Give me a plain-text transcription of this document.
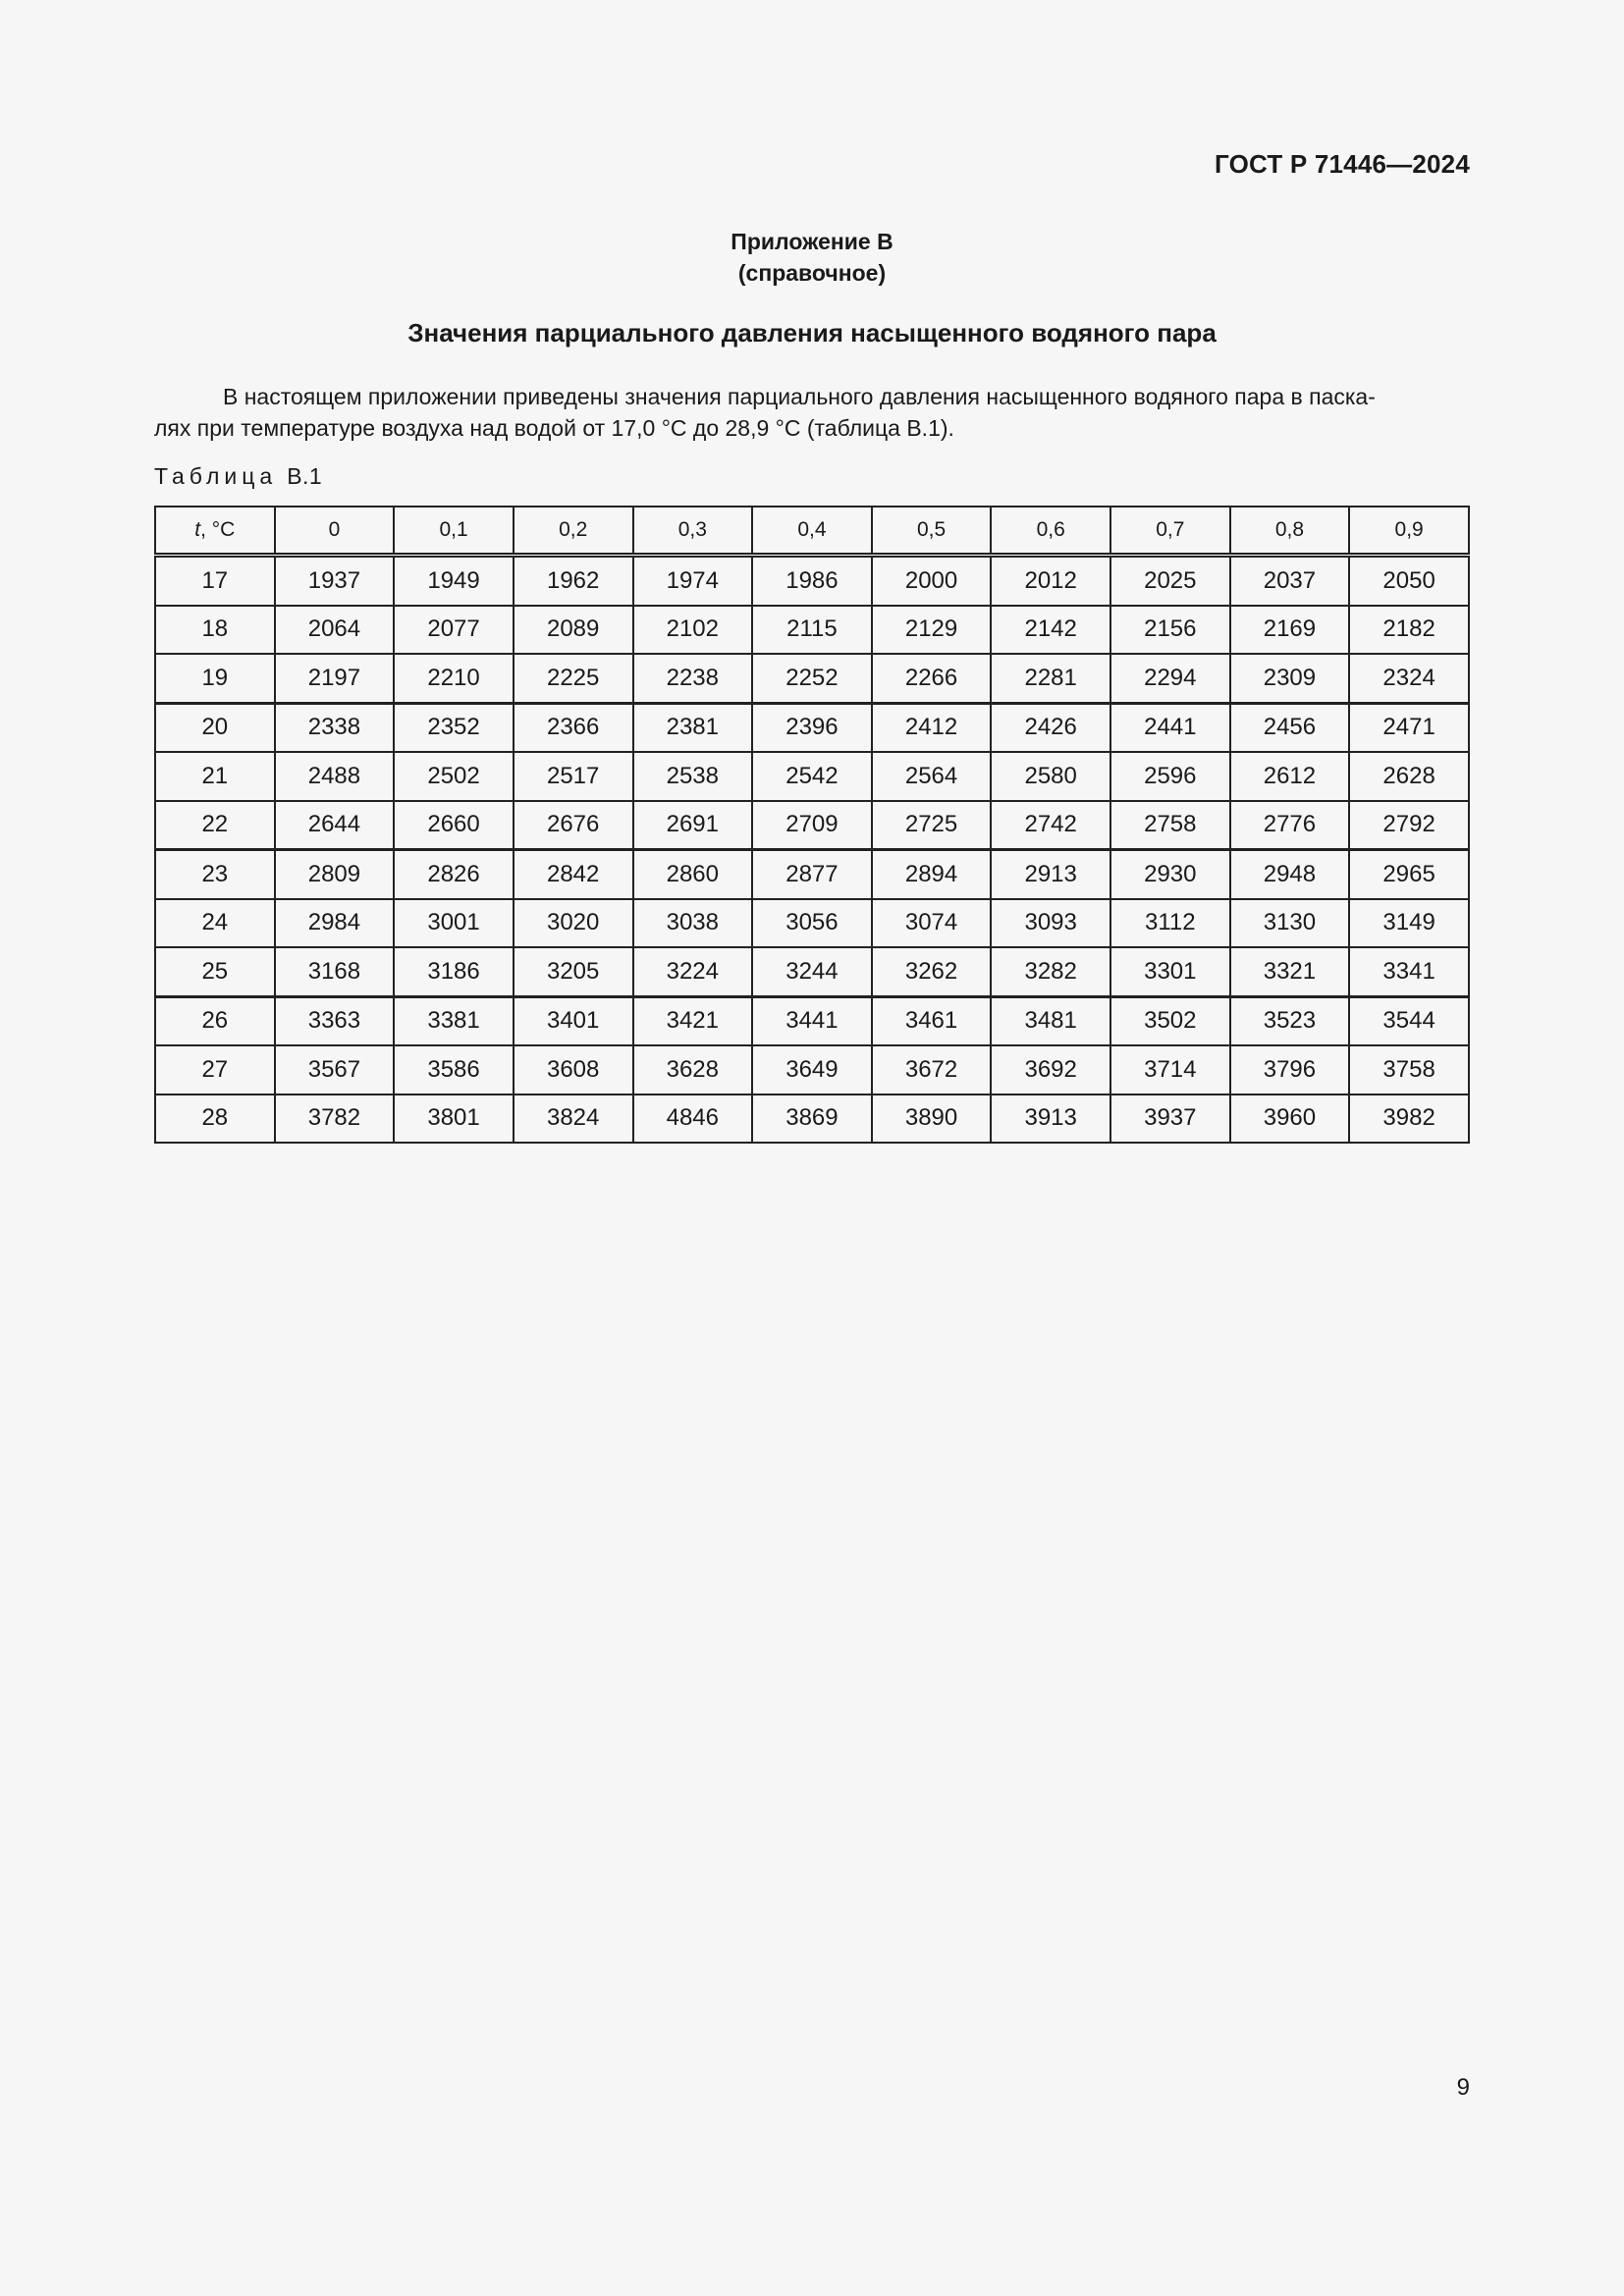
ГОСТ Р 71446—2024
Приложение В
(справочное)
Значения парциального давления насыщенного водяного пара

В настоящем приложении приведены значения парциального давления насыщенного водяного пара в паска-
лях при температуре воздуха над водой от 17,0 °С до 28,9 °С (таблица В.1).

Таблица В.1
t, °С	0	0,1	0,2	0,3	0,4	0,5	0,6	0,7	0,8	0,9
17	1937	1949	1962	1974	1986	2000	2012	2025	2037	2050
18	2064	2077	2089	2102	2115	2129	2142	2156	2169	2182
19	2197	2210	2225	2238	2252	2266	2281	2294	2309	2324
20	2338	2352	2366	2381	2396	2412	2426	2441	2456	2471
21	2488	2502	2517	2538	2542	2564	2580	2596	2612	2628
22	2644	2660	2676	2691	2709	2725	2742	2758	2776	2792
23	2809	2826	2842	2860	2877	2894	2913	2930	2948	2965
24	2984	3001	3020	3038	3056	3074	3093	3112	3130	3149
25	3168	3186	3205	3224	3244	3262	3282	3301	3321	3341
26	3363	3381	3401	3421	3441	3461	3481	3502	3523	3544
27	3567	3586	3608	3628	3649	3672	3692	3714	3796	3758
28	3782	3801	3824	4846	3869	3890	3913	3937	3960	3982
9
